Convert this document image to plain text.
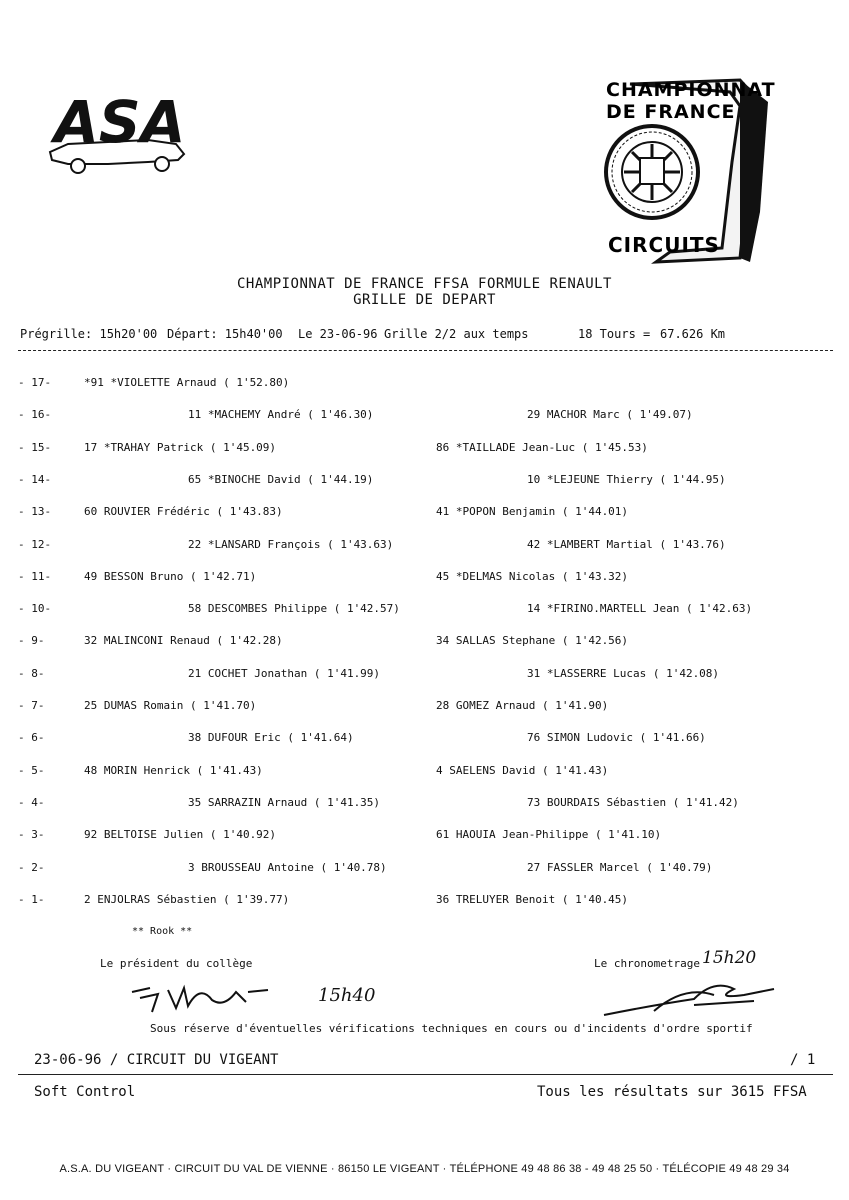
ASA	CHAMPIONNAT
DE FRANCE
CIRCUITS
CHAMPIONNAT DE FRANCE FFSA FORMULE RENAULT
GRILLE DE DEPART
Prégrille: 15h20'00 Départ: 15h40'00 Le 23-06-96 Grille 2/2 aux temps	18 Tours = 67.626 Km
- 17-	*91 *VIOLETTE Arnaud ( 1'52.80)
- 16-	11 *MACHEMY André ( 1'46.30)	29 MACHOR Marc ( 1'49.07)
- 15-	17 *TRAHAY Patrick ( 1'45.09)	86 *TAILLADE Jean-Luc ( 1'45.53)
- 14-	65 *BINOCHE David ( 1'44.19)	10 *LEJEUNE Thierry ( 1'44.95)
- 13-	60 ROUVIER Frédéric ( 1'43.83)	41 *POPON Benjamin ( 1'44.01)
- 12-	22 *LANSARD François ( 1'43.63)	42 *LAMBERT Martial ( 1'43.76)
- 11-	49 BESSON Bruno ( 1'42.71)	45 *DELMAS Nicolas ( 1'43.32)
- 10-	58 DESCOMBES Philippe ( 1'42.57)	14 *FIRINO.MARTELL Jean ( 1'42.63)
- 9-	32 MALINCONI Renaud ( 1'42.28)	34 SALLAS Stephane ( 1'42.56)
- 8-	21 COCHET Jonathan ( 1'41.99)	31 *LASSERRE Lucas ( 1'42.08)
- 7-	25 DUMAS Romain ( 1'41.70)	28 GOMEZ Arnaud ( 1'41.90)
- 6-	38 DUFOUR Eric ( 1'41.64)	76 SIMON Ludovic ( 1'41.66)
- 5-	48 MORIN Henrick ( 1'41.43)	4 SAELENS David ( 1'41.43)
- 4-	35 SARRAZIN Arnaud ( 1'41.35)	73 BOURDAIS Sébastien ( 1'41.42)
- 3-	92 BELTOISE Julien ( 1'40.92)	61 HAOUIA Jean-Philippe ( 1'41.10)
- 2-	3 BROUSSEAU Antoine ( 1'40.78)	27 FASSLER Marcel ( 1'40.79)
- 1-	2 ENJOLRAS Sébastien ( 1'39.77)	36 TRELUYER Benoit ( 1'40.45)
** Rook **
Le président du collège	Le chronometrage 15h20
15h40
Sous réserve d'éventuelles vérifications techniques en cours ou d'incidents d'ordre sportif
23-06-96 / CIRCUIT DU VIGEANT	/ 1
Soft Control	Tous les résultats sur 3615 FFSA
A.S.A. DU VIGEANT · CIRCUIT DU VAL DE VIENNE · 86150 LE VIGEANT · TÉLÉPHONE 49 48 86 38 - 49 48 25 50 · TÉLÉCOPIE 49 48 29 34
